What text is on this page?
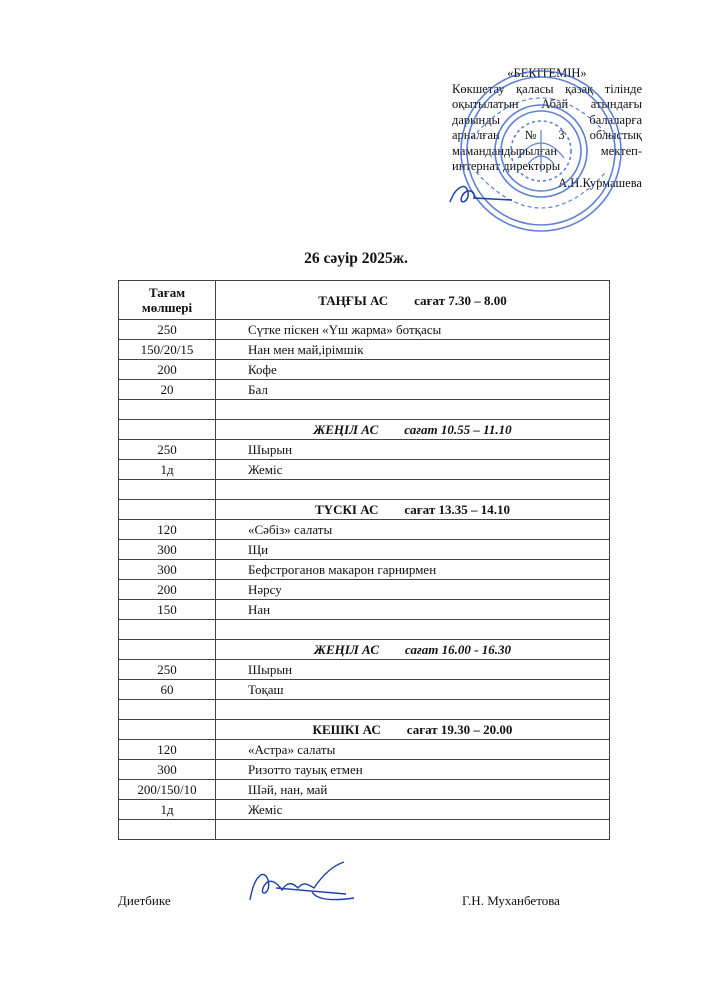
«БЕКІТЕМІН»
Көкшетау қаласы қазақ тілінде
оқытылатын Абай атындағы
дарынды балаларға
арналған №3 облыстық
мамандандырылған мектеп-
интернат директоры
А.Н.Курмашева
26 сәуір 2025ж.
Тағам мөлшері	ТАҢҒЫ АС сағат 7.30 – 8.00
250	Сүтке піскен «Үш жарма» ботқасы
150/20/15	Нан мен май,ірімшік
200	Кофе
20	Бал

	ЖЕҢІЛ АС сағат 10.55 – 11.10
250	Шырын
1д	Жеміс

	ТҮСКІ АС сағат 13.35 – 14.10
120	«Сәбіз» салаты
300	Щи
300	Бефстроганов макарон гарнирмен
200	Нәрсу
150	Нан

	ЖЕҢІЛ АС сағат 16.00 - 16.30
250	Шырын
60	Тоқаш

	КЕШКІ АС сағат 19.30 – 20.00
120	«Астра» салаты
300	Ризотто тауық етмен
200/150/10	Шәй, нан, май
1д	Жеміс

Диетбике	Г.Н. Муханбетова
